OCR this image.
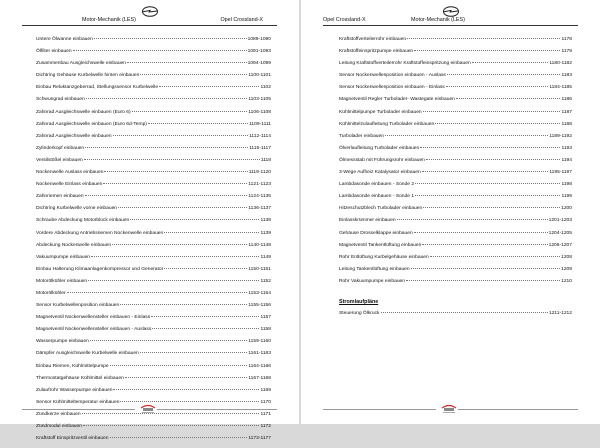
Motor-Mechanik (LES)	Opel Crossland-X
Untere Ölwanne einbauen	1089-1090
Ölfilter einbauen	1091-1093
Zusammenbau Ausgleichswelle einbauen	1094-1099
Dichtring Gehäuse Kurbelwelle hinten einbauen	1100-1101
Einbau Reluktanzgeberrad, Stellungssensor Kurbelwelle	1102
Schwungrad einbauen	1103-1105
Zahnrad Ausgleichswelle einbauen (Euro 6)	1106-1108
Zahnrad Ausgleichswelle einbauen (Euro 6d-Temp)	1109-1111
Zahnrad Ausgleichswelle einbauen	1112-1114
Zylinderkopf einbauen	1115-1117
Ventilstößel einbauen	1118
Nockenwelle Auslass einbauen	1119-1120
Nockenwelle Einlass einbauen	1121-1123
Zahnriemen einbauen	1124-1135
Dichtring Kurbelwelle vorne einbauen	1136-1137
Schraube Abdeckung Motorblock einbauen	1138
Vordere Abdeckung Antriebsriemen Nockenwelle einbauen	1139
Abdeckung Nockenwelle einbauen	1140-1148
Vakuumpumpe einbauen	1149
Einbau Halterung Klimaanlagenkompressor und Generator	1150-1151
Motorölkühler einbauen	1152
Motorölkühler	1153-1154
Sensor Kurbelwellenposition einbauen	1155-1156
Magnetventil Nockenwellensteller einbauen - Einlass	1157
Magnetventil Nockenwellensteller einbauen - Auslass	1158
Wasserpumpe einbauen	1159-1160
Dämpfer Ausgleichswelle Kurbelwelle einbauen	1161-1163
Einbau Riemen, Kühlmittelpumpe	1164-1166
Thermostatgehäuse Kühlmittel einbauen	1167-1168
Zulaufrohr Wasserpumpe einbauen	1169
Sensor Kühlmitteltemperatur einbauen	1170
Zündkerze einbauen	1171
Zündmodul einbauen	1172
Kraftstoff Einspritzventil einbauen	1173-1177
Opel Crossland-X	Motor-Mechanik (LES)
Kraftstoffverteilerrohr einbauen	1178
Kraftstoffeinspritzpumpe einbauen	1179
Leitung Kraftstoffverteilerrohr Kraftstoffeinspritzung einbauen	1180-1182
Sensor Nockenwellenposition einbauen - Auslass	1183
Sensor Nockenwellenposition einbauen - Einlass	1184-1185
Magnetventil Regler Turbolader- Wastegate einbauen	1186
Kühlmittelpumpe Turbolader einbauen	1187
Kühlmittelzulaufleitung Turbolader einbauen	1188
Turbolader einbauen	1189-1192
Ölverlaufleitung Turbolader einbauen	1193
Ölmessstab mit Führungsrohr einbauen	1194
3-Wege Aufheiz Katalysator einbauen	1195-1197
Lambdasonde einbauen - Sonde 2	1198
Lambdasonde einbauen - Sonde 1	1199
Hitzeschutzblech Turbolader einbauen	1200
Einlasskrümmer einbauen	1201-1203
Gehäuse Drosselklappe einbauen	1204-1205
Magnetventil Tankentlüftung einbauen	1206-1207
Rohr Entlüftung Kurbelgehäuse einbauen	1208
Leitung Tankentlüftung einbauen	1209
Rohr Vakuumpumpe einbauen	1210
Stromlaufpläne
Steuerung Ölkruck	1211-1212
